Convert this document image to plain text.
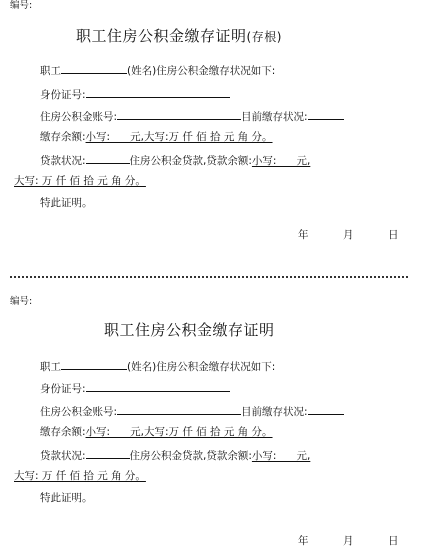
编号:
职工住房公积金缴存证明(存根)
职工	(姓名)住房公积金缴存状况如下:
身份证号:
住房公积金账号:	目前缴存状况:
缴存余额:小写:      元,大写:万 仟 佰 拾 元 角 分。
贷款状况:	住房公积金贷款,贷款余额:小写:      元,
大写: 万 仟 佰 拾 元 角 分。
特此证明。
年	月	日
编号:
职工住房公积金缴存证明
职工	(姓名)住房公积金缴存状况如下:
身份证号:
住房公积金账号:	目前缴存状况:
缴存余额:小写:      元,大写:万 仟 佰 拾 元 角 分。
贷款状况:	住房公积金贷款,贷款余额:小写:      元,
大写: 万 仟 佰 拾 元 角 分。
特此证明。
年	月	日
